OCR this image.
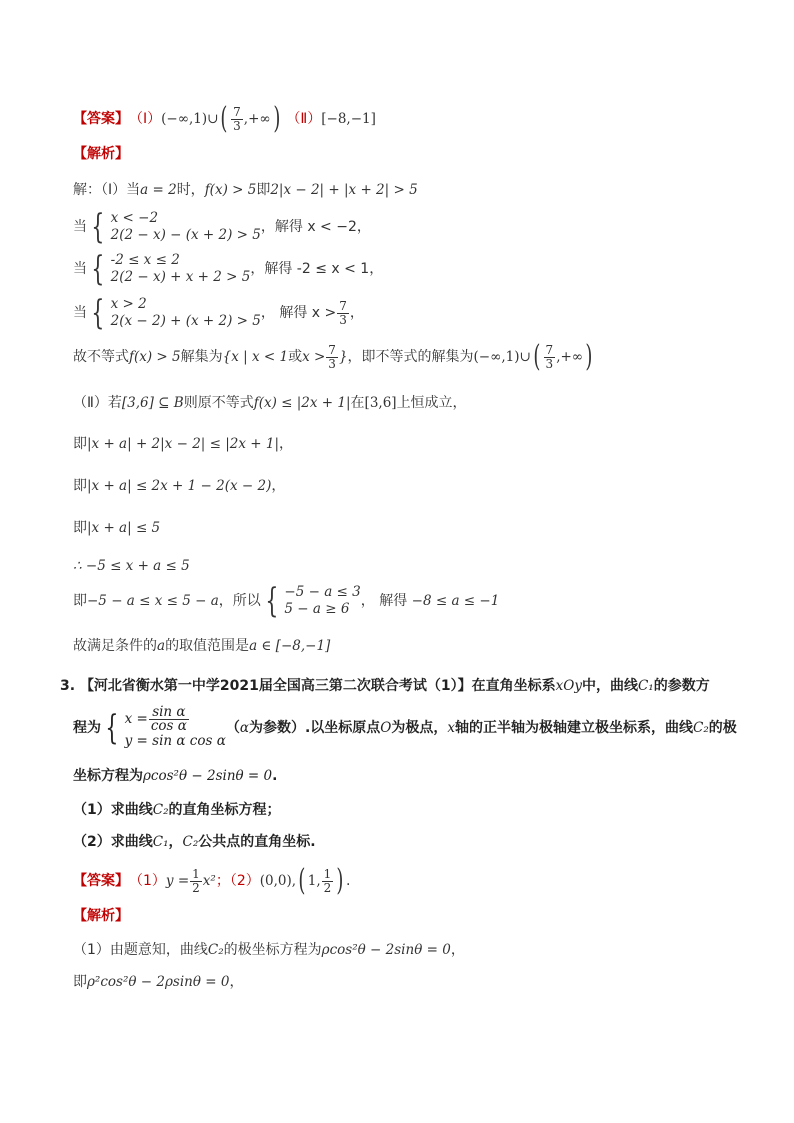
【答案】 （Ⅰ） (−∞,1)∪ ( $\frac{7}{3}$ ,+∞ ) （Ⅱ） [−8,−1]
【解析】
解：（Ⅰ）当a = 2时，f(x) > 5即2|x − 2| + |x + 2| > 5
当 { x < −2
2(2 − x) − (x + 2) > 5 ，解得 x < −2，
当 { -2 ≤ x ≤ 2
2(2 − x) + x + 2 > 5 ，解得 -2 ≤ x < 1，
当 { x > 2
2(x − 2) + (x + 2) > 5 ， 解得 $x > \frac{7}{3}$ ，
故不等式 f(x) > 5 解集为 {x | x < 1 或 $x > \frac{7}{3}$ } ，即不等式的解集为 (−∞,1)∪ ( $\frac{7}{3}$ ,+∞ )
（Ⅱ）若[3,6] ⊆ B则原不等式f(x) ≤ |2x + 1|在[3,6]上恒成立，
即|x + a| + 2|x − 2| ≤ |2x + 1|，
即|x + a| ≤ 2x + 1 − 2(x − 2)，
即|x + a| ≤ 5
∴ −5 ≤ x + a ≤ 5
即 −5 − a ≤ x ≤ 5 − a ，所以 { −5 − a ≤ 3
5 − a ≥ 6 ， 解得
−8 ≤ a ≤ −1
故满足条件的a的取值范围是a ∈ [−8,−1]
3. 【河北省衡水第一中学2021届全国高三第二次联合考试（1）】在直角坐标系xOy中，曲线C₁的参数方
程为 { $x = \frac{\text{sin α}}{\text{cos α}}$
y = sin α cos α
（ α 为参数）.以坐标原点 O 为极点， x 轴的正半轴为极轴建立极坐标系，曲线 C₂ 的极
坐标方程为ρcos²θ − 2sinθ = 0.
（1）求曲线C₂的直角坐标方程；
（2）求曲线C₁，C₂公共点的直角坐标.
【答案】 （1） $y = \frac{1}{2} x^2$ ；（2） (0,0), ( 1, $\frac{1}{2}$ ) .
【解析】
（1）由题意知，曲线C₂的极坐标方程为ρcos²θ − 2sinθ = 0，
即ρ²cos²θ − 2ρsinθ = 0，
